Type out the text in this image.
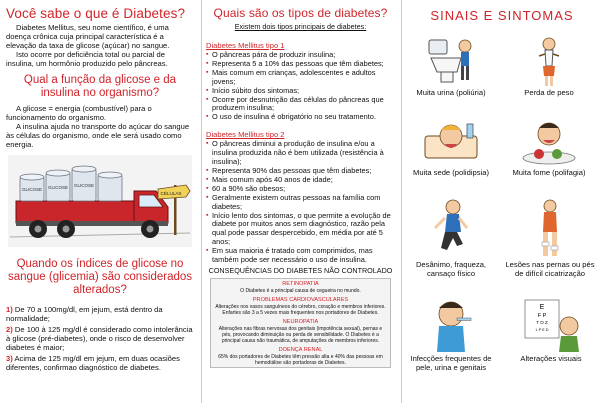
Você sabe o que é Diabetes?

Diabetes Mellitus, seu nome científico, é uma doença crônica cuja principal característica é a elevação da taxa de glicose (açúcar) no sangue.

Isto ocorre por deficiência total ou parcial de insulina, um hormônio produzido pelo pâncreas.

Qual a função da glicose e da insulina no organismo?

A glicose = energia (combustível) para o funcionamento do organismo.

A insulina ajuda no transporte do açúcar do sangue às células do organismo, onde ele será usado como energia.

GLICOSE GLICOSE GLICOSE
CÉLULAS
Quando os índices de glicose no sangue (glicemia) são considerados alterados?

1) De 70 a 100mg/dl, em jejum, está dentro da normalidade;

2) De 100 à 125 mg/dl é considerado como intolerância à glicose (pré-diabetes), onde o risco de desenvolver diabetes é maior;

3) Acima de 125 mg/dl em jejum, em duas ocasiões diferentes, confirmao diagnóstico de diabetes.

Quais são os tipos de diabetes?
Existem dois tipos principais de diabetes:
Diabetes Mellitus tipo 1
▪ O pâncreas pára de produzir insulina;
▪ Representa 5 a 10% das pessoas que têm diabetes;
▪ Mais comum em crianças, adolescentes e adultos jovens;
▪ Início súbito dos sintomas;
▪ Ocorre por desnutrição das células do pâncreas que produzem insulina;
▪ O uso de insulina é obrigatório no seu tratamento.
Diabetes Mellitus tipo 2
▪ O pâncreas diminui a produção de insulina e/ou a insulina produzida não é bem utilizada (resistência à insulina);
▪ Representa 90% das pessoas que têm diabetes;
▪ Mais comum após 40 anos de idade;
▪ 60 a 90% são obesos;
▪ Geralmente existem outras pessoas na família com diabetes;
▪ Início lento dos sintomas, o que permite a evolução de diabete por muitos anos sem diagnóstico, razão pela qual pode passar despercebido, em média por até 5 anos;
▪ Em sua maioria é tratado com comprimidos, mas também pode ser necessário o uso de insulina.
CONSEQUÊNCIAS DO DIABETES NÃO CONTROLADO
RETINOPATIA
O Diabetes é a principal causa de cegueira no mundo.
PROBLEMAS CARDIOVASCULARES
Alterações nos vasos sanguíneos do cérebro, coração e membros inferiores. Enfartes são 3 a 5 vezes mais frequentes nos portadores de Diabetes.
NEUROPATIA
Alterações nas fibras nervosas dos genitais (impotência sexual), pernas e pés, provocando diminuição ou perda de sensibilidade. O Diabetes é a principal causa não traumática, de amputações de membros inferiores.
DOENÇA RENAL
65% dos portadores de Diabetes têm pressão alta e 40% das pessoas em hemodiálise são portadoras de Diabetes.
SINAIS E SINTOMAS
Muita urina (poliúria)	Perda de peso
Muita sede (polidipsia)	Muita fome (polifagia)
Desânimo, fraqueza, cansaço físico
Lesões nas pernas ou pés de difícil cicatrização
Infecções frequentes de pele, urina e genitais
E
F P
T O Z
L P E D
Alterações visuais
